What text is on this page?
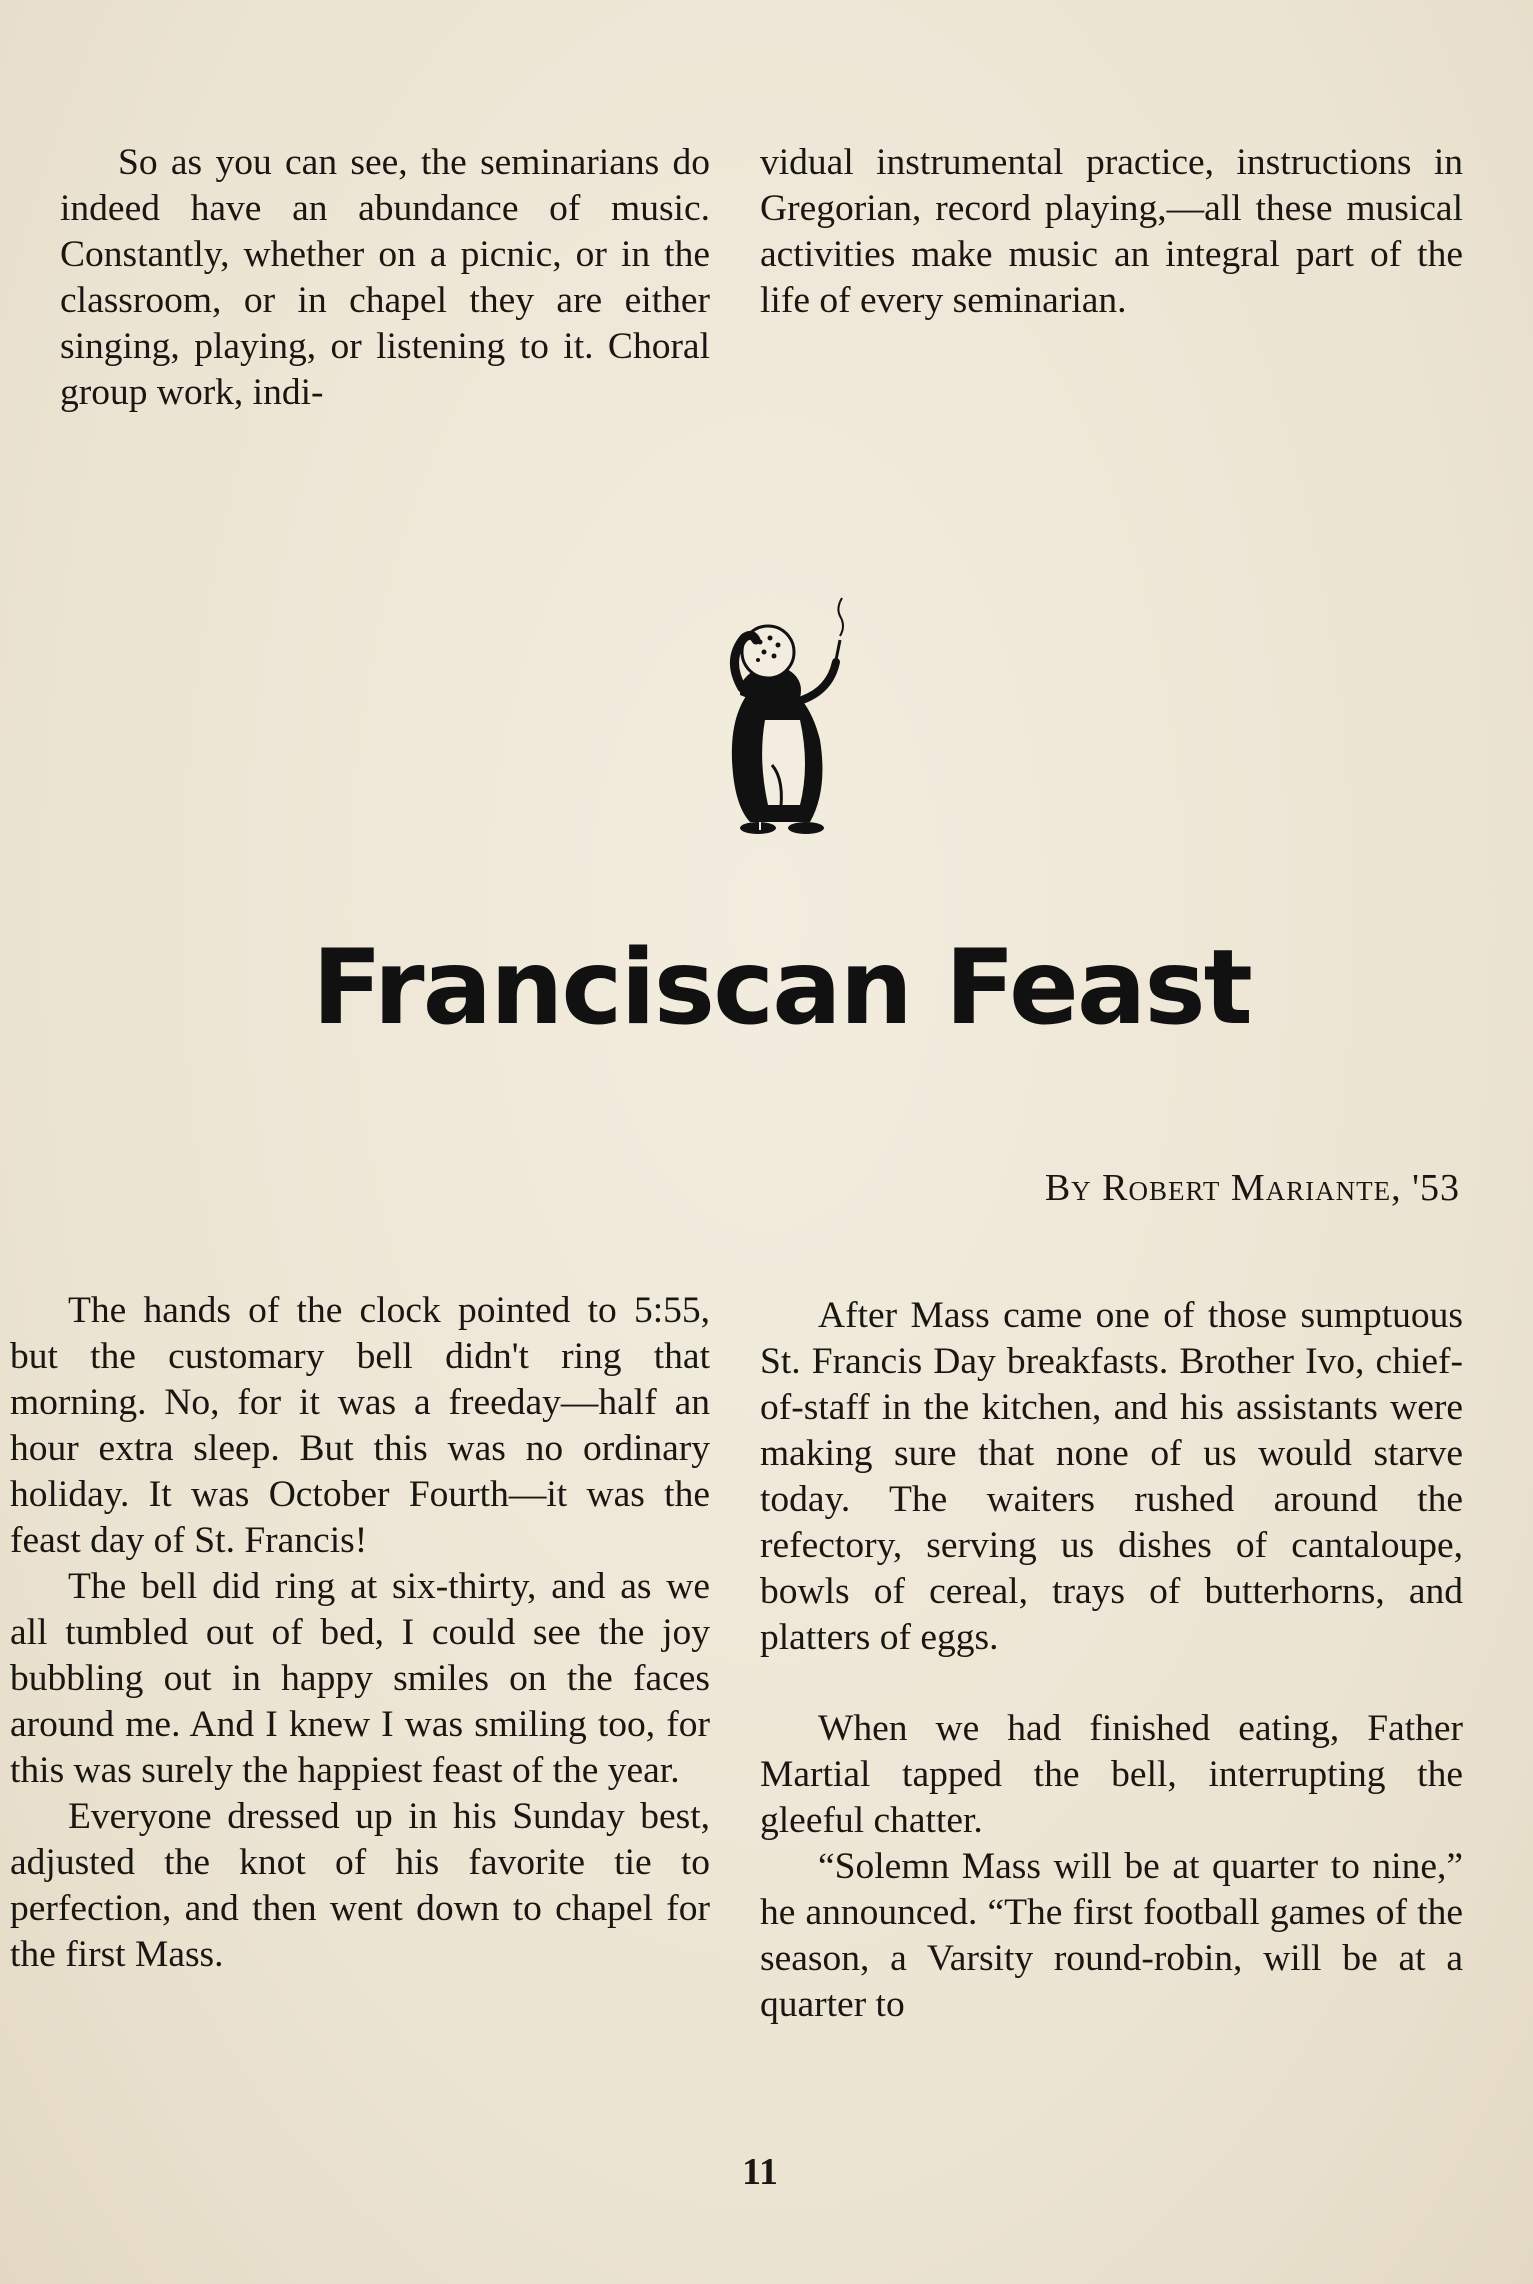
So as you can see, the seminarians do indeed have an abundance of music. Constantly, whether on a picnic, or in the classroom, or in chapel they are either singing, playing, or listening to it. Choral group work, indi-

vidual instrumental practice, instructions in Gregorian, record playing,—all these musical activities make music an integral part of the life of every seminarian.

Franciscan Feast
By Robert Mariante, '53

The hands of the clock pointed to 5:55, but the customary bell didn't ring that morning. No, for it was a freeday—half an hour extra sleep. But this was no ordinary holiday. It was October Fourth—it was the feast day of St. Francis!

The bell did ring at six-thirty, and as we all tumbled out of bed, I could see the joy bubbling out in happy smiles on the faces around me. And I knew I was smiling too, for this was surely the happiest feast of the year.

Everyone dressed up in his Sunday best, adjusted the knot of his favorite tie to perfection, and then went down to chapel for the first Mass.

After Mass came one of those sumptuous St. Francis Day breakfasts. Brother Ivo, chief-of-staff in the kitchen, and his assistants were making sure that none of us would starve today. The waiters rushed around the refectory, serving us dishes of cantaloupe, bowls of cereal, trays of butterhorns, and platters of eggs.

When we had finished eating, Father Martial tapped the bell, interrupting the gleeful chatter.

“Solemn Mass will be at quarter to nine,” he announced. “The first football games of the season, a Varsity round-robin, will be at a quarter to

11
